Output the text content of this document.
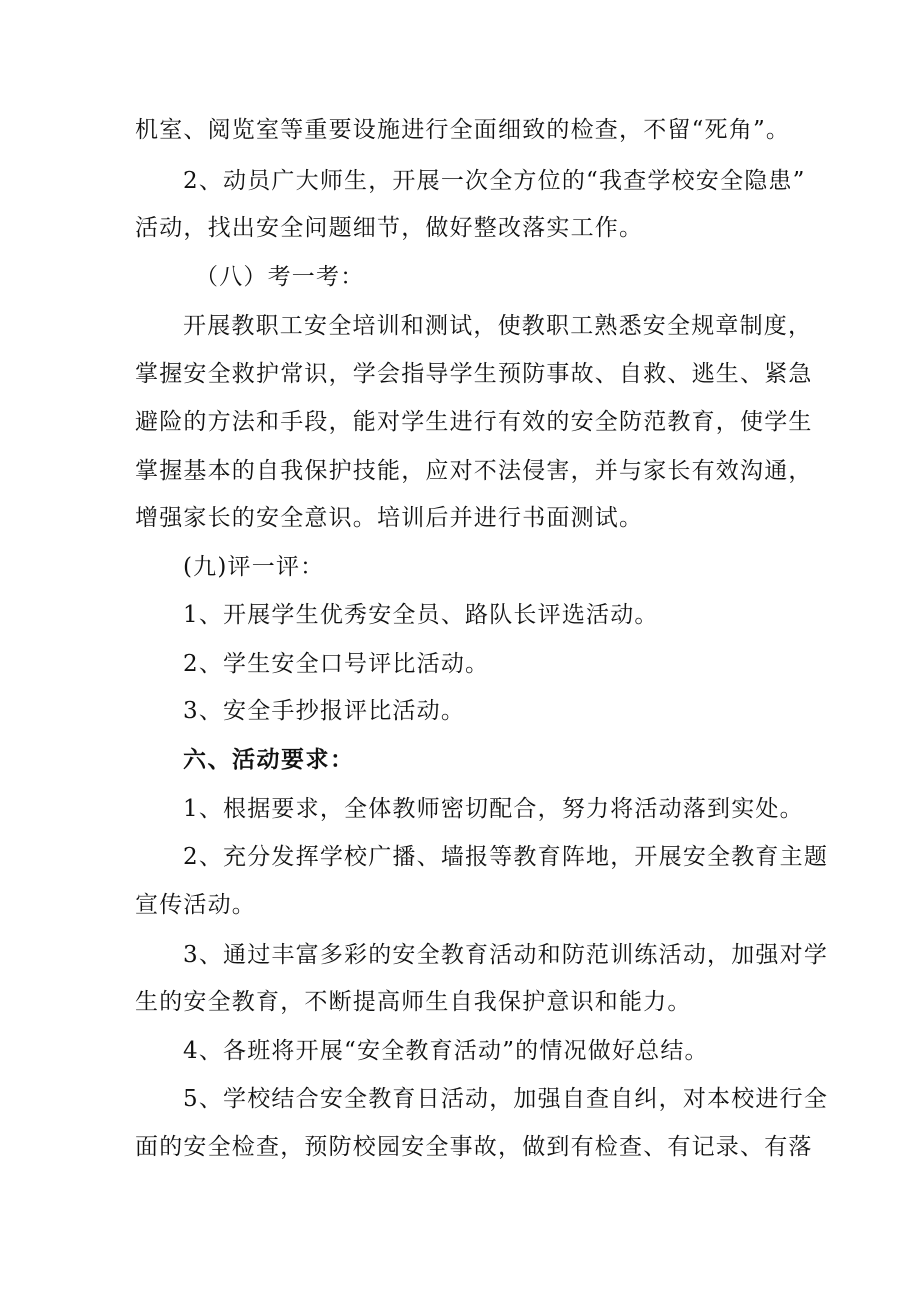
机室、阅览室等重要设施进行全面细致的检查，不留“死角”。
2、动员广大师生，开展一次全方位的“我查学校安全隐患”
活动，找出安全问题细节，做好整改落实工作。
（八）考一考：
开展教职工安全培训和测试，使教职工熟悉安全规章制度，
掌握安全救护常识，学会指导学生预防事故、自救、逃生、紧急
避险的方法和手段，能对学生进行有效的安全防范教育，使学生
掌握基本的自我保护技能，应对不法侵害，并与家长有效沟通，
增强家长的安全意识。培训后并进行书面测试。
(九)评一评：
1、开展学生优秀安全员、路队长评选活动。
2、学生安全口号评比活动。
3、安全手抄报评比活动。
六、活动要求：
1、根据要求，全体教师密切配合，努力将活动落到实处。
2、充分发挥学校广播、墙报等教育阵地，开展安全教育主题
宣传活动。
3、通过丰富多彩的安全教育活动和防范训练活动，加强对学
生的安全教育，不断提高师生自我保护意识和能力。
4、各班将开展“安全教育活动”的情况做好总结。
5、学校结合安全教育日活动，加强自查自纠，对本校进行全
面的安全检查，预防校园安全事故，做到有检查、有记录、有落
